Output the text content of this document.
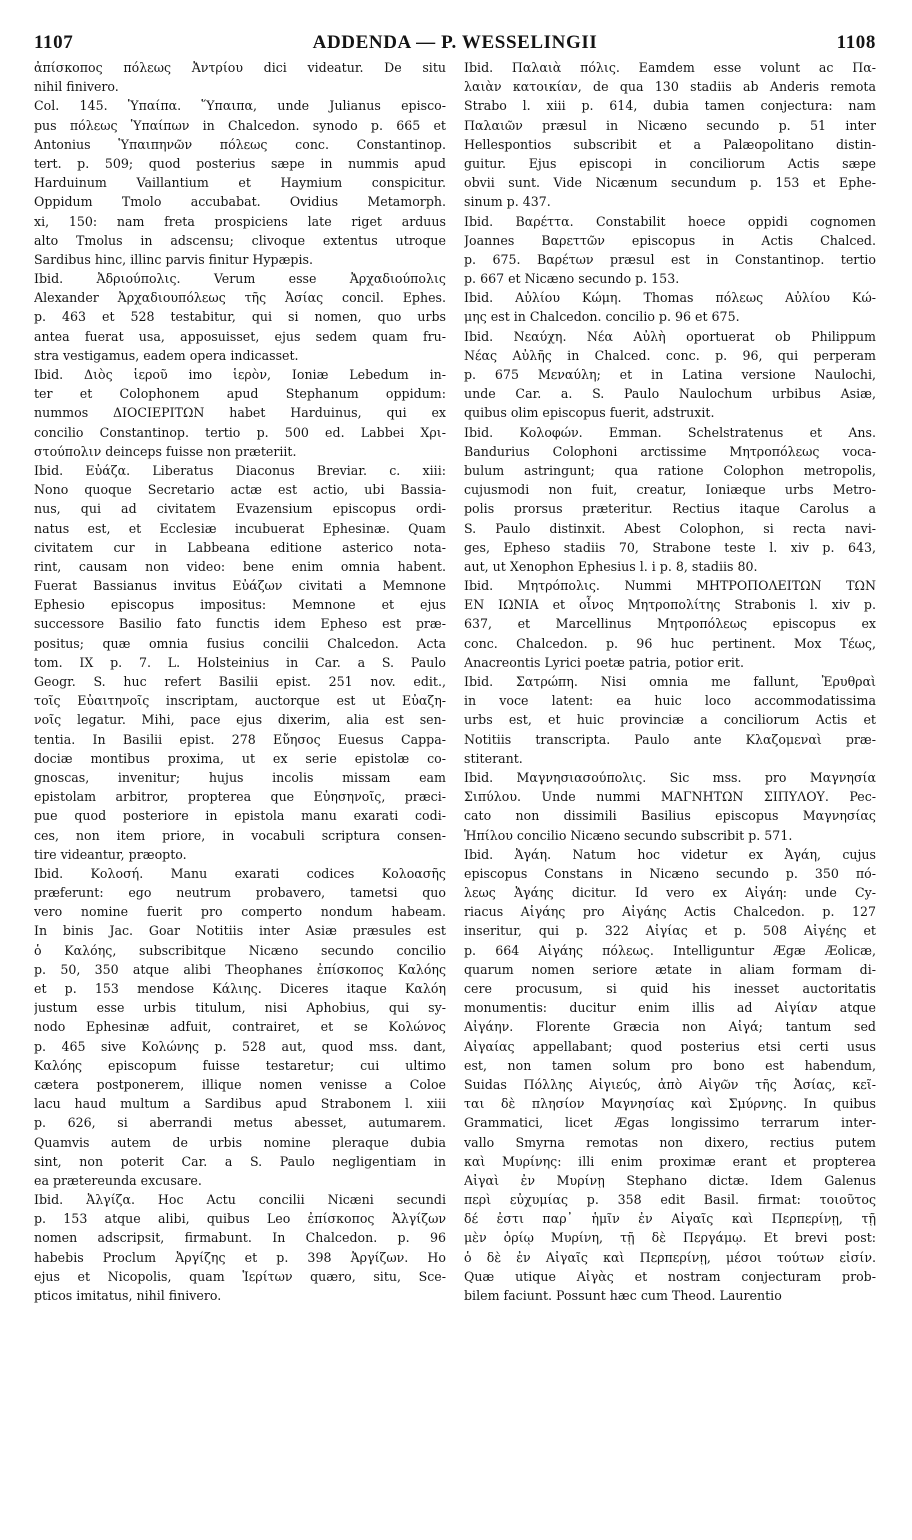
1107	ADDENDA — P. WESSELINGII	1108
ἀπίσκοπος πόλεως Ἀντρίου dici videatur. De situ
nihil finivero.
Col. 145. Ὑπαίπα. Ὕπαιπα, unde Julianus episco-
pus πόλεως Ὑπαίπων in Chalcedon. synodo p. 665 et
Antonius Ὑπαιπηνῶν πόλεως conc. Constantinop.
tert. p. 509; quod posterius sæpe in nummis apud
Harduinum Vaillantium et Haymium conspicitur.
Oppidum Tmolo accubabat. Ovidius Metamorph.
xi, 150: nam freta prospiciens late riget arduus
alto Tmolus in adscensu; clivoque extentus utroque
Sardibus hinc, illinc parvis finitur Hypæpis.
Ibid. Ἀδριούπολις. Verum esse Ἀρχαδιούπολις
Alexander Ἀρχαδιουπόλεως τῆς Ἀσίας concil. Ephes.
p. 463 et 528 testabitur, qui si nomen, quo urbs
antea fuerat usa, apposuisset, ejus sedem quam fru-
stra vestigamus, eadem opera indicasset.
Ibid. Διὸς ἱεροῦ imo ἱερὸν, Ioniæ Lebedum in-
ter et Colophonem apud Stephanum oppidum:
nummos ΔΙΟCΙΕΡΙΤΩΝ habet Harduinus, qui ex
concilio Constantinop. tertio p. 500 ed. Labbei Χρι-
στούπολιν deinceps fuisse non præteriit.
Ibid. Εὐάζα. Liberatus Diaconus Breviar. c. xiii:
Nono quoque Secretario actæ est actio, ubi Bassia-
nus, qui ad civitatem Evazensium episcopus ordi-
natus est, et Ecclesiæ incubuerat Ephesinæ. Quam
civitatem cur in Labbeana editione asterico nota-
rint, causam non video: bene enim omnia habent.
Fuerat Bassianus invitus Εὐάζων civitati a Memnone
Ephesio episcopus impositus: Memnone et ejus
successore Basilio fato functis idem Epheso est præ-
positus; quæ omnia fusius concilii Chalcedon. Acta
tom. IX p. 7. L. Holsteinius in Car. a S. Paulo
Geogr. S. huc refert Basilii epist. 251 nov. edit.,
τοῖς Εὐαιτηνοῖς inscriptam, auctorque est ut Εὐαζη-
νοῖς legatur. Mihi, pace ejus dixerim, alia est sen-
tentia. In Basilii epist. 278 Εὔησος Euesus Cappa-
dociæ montibus proxima, ut ex serie epistolæ co-
gnoscas, invenitur; hujus incolis missam eam
epistolam arbitror, propterea que Εὐησηνοῖς, præci-
pue quod posteriore in epistola manu exarati codi-
ces, non item priore, in vocabuli scriptura consen-
tire videantur, præopto.
Ibid. Κολοσή. Manu exarati codices Κολοασῆς
præferunt: ego neutrum probavero, tametsi quo
vero nomine fuerit pro comperto nondum habeam.
In binis Jac. Goar Notitiis inter Asiæ præsules est
ὁ Καλόης, subscribitque Nicæno secundo concilio
p. 50, 350 atque alibi Theophanes ἐπίσκοπος Καλόης
et p. 153 mendose Κάλιης. Diceres itaque Καλόη
justum esse urbis titulum, nisi Aphobius, qui sy-
nodo Ephesinæ adfuit, contrairet, et se Κολώνος
p. 465 sive Κολώνης p. 528 aut, quod mss. dant,
Καλόης episcopum fuisse testaretur; cui ultimo
cætera postponerem, illique nomen venisse a Coloe
lacu haud multum a Sardibus apud Strabonem l. xiii
p. 626, si aberrandi metus abesset, autumarem.
Quamvis autem de urbis nomine pleraque dubia
sint, non poterit Car. a S. Paulo negligentiam in
ea prætereunda excusare.
Ibid. Ἀλγίζα. Hoc Actu concilii Nicæni secundi
p. 153 atque alibi, quibus Leo ἐπίσκοπος Ἀλγίζων
nomen adscripsit, firmabunt. In Chalcedon. p. 96
habebis Proclum Ἀργίζης et p. 398 Ἀργίζων. Ho
ejus et Nicopolis, quam Ἱερίτων quæro, situ, Sce-
pticos imitatus, nihil finivero.
Ibid. Παλαιὰ πόλις. Eamdem esse volunt ac Πα-
λαιὰν κατοικίαν, de qua 130 stadiis ab Anderis remota
Strabo l. xiii p. 614, dubia tamen conjectura: nam
Παλαιῶν præsul in Nicæno secundo p. 51 inter
Hellespontios subscribit et a Palæopolitano distin-
guitur. Ejus episcopi in conciliorum Actis sæpe
obvii sunt. Vide Nicænum secundum p. 153 et Ephe-
sinum p. 437.
Ibid. Βαρέττα. Constabilit hoece oppidi cognomen
Joannes Βαρεττῶν episcopus in Actis Chalced.
p. 675. Βαρέτων præsul est in Constantinop. tertio
p. 667 et Nicæno secundo p. 153.
Ibid. Αὐλίου Κώμη. Thomas πόλεως Αὐλίου Κώ-
μης est in Chalcedon. concilio p. 96 et 675.
Ibid. Νεαύχη. Νέα Αὐλὴ oportuerat ob Philippum
Νέας Αὐλῆς in Chalced. conc. p. 96, qui perperam
p. 675 Μεναύλη; et in Latina versione Naulochi,
unde Car. a. S. Paulo Naulochum urbibus Asiæ,
quibus olim episcopus fuerit, adstruxit.
Ibid. Κολοφών. Emman. Schelstratenus et Ans.
Bandurius Colophoni arctissime Μητροπόλεως voca-
bulum astringunt; qua ratione Colophon metropolis,
cujusmodi non fuit, creatur, Ioniæque urbs Metro-
polis prorsus præteritur. Rectius itaque Carolus a
S. Paulo distinxit. Abest Colophon, si recta navi-
ges, Epheso stadiis 70, Strabone teste l. xiv p. 643,
aut, ut Xenophon Ephesius l. i p. 8, stadiis 80.
Ibid. Μητρόπολις. Nummi ΜΗΤΡΟΠΟΛΕΙΤΩΝ ΤΩΝ
ΕΝ ΙΩΝΙΑ et οἶνος Μητροπολίτης Strabonis l. xiv p.
637, et Marcellinus Μητροπόλεως episcopus ex
conc. Chalcedon. p. 96 huc pertinent. Mox Τέως,
Anacreontis Lyrici poetæ patria, potior erit.
Ibid. Σατρώπη. Nisi omnia me fallunt, Ἐρυθραὶ
in voce latent: ea huic loco accommodatissima
urbs est, et huic provinciæ a conciliorum Actis et
Notitiis transcripta. Paulo ante Κλαζομεναὶ præ-
stiterant.
Ibid. Μαγνησιασούπολις. Sic mss. pro Μαγνησία
Σιπύλου. Unde nummi ΜΑΓΝΗΤΩΝ ΣΙΠΥΛΟΥ. Pec-
cato non dissimili Basilius episcopus Μαγνησίας
Ἡπίλου concilio Nicæno secundo subscribit p. 571.
Ibid. Ἀγάη. Natum hoc videtur ex Ἀγάη, cujus
episcopus Constans in Nicæno secundo p. 350 πό-
λεως Ἀγάης dicitur. Id vero ex Αἰγάη: unde Cy-
riacus Αἰγάης pro Αἰγάης Actis Chalcedon. p. 127
inseritur, qui p. 322 Αἰγίας et p. 508 Αἰγέης et
p. 664 Αἰγάης πόλεως. Intelliguntur Ægæ Æolicæ,
quarum nomen seriore ætate in aliam formam di-
cere procusum, si quid his inesset auctoritatis
monumentis: ducitur enim illis ad Αἰγίαν atque
Αἰγάην. Florente Græcia non Αἰγά; tantum sed
Αἰγαίας appellabant; quod posterius etsi certi usus
est, non tamen solum pro bono est habendum,
Suidas Πόλλης Αἰγιεύς, ἀπὸ Αἰγῶν τῆς Ἀσίας, κεῖ-
ται δὲ πλησίον Μαγνησίας καὶ Σμύρνης. In quibus
Grammatici, licet Ægas longissimo terrarum inter-
vallo Smyrna remotas non dixero, rectius putem
καὶ Μυρίνης: illi enim proximæ erant et propterea
Αἰγαὶ ἐν Μυρίνῃ Stephano dictæ. Idem Galenus
περὶ εὐχυμίας p. 358 edit Basil. firmat: τοιοῦτος
δέ ἐστι παρ᾽ ἡμῖν ἐν Αἰγαῖς καὶ Περπερίνῃ, τῇ
μὲν ὁρίῳ Μυρίνη, τῇ δὲ Περγάμῳ. Et brevi post:
ὁ δὲ ἐν Αἰγαῖς καὶ Περπερίνῃ, μέσοι τούτων εἰσίν.
Quæ utique Αἰγὰς et nostram conjecturam prob-
bilem faciunt. Possunt hæc cum Theod. Laurentio
